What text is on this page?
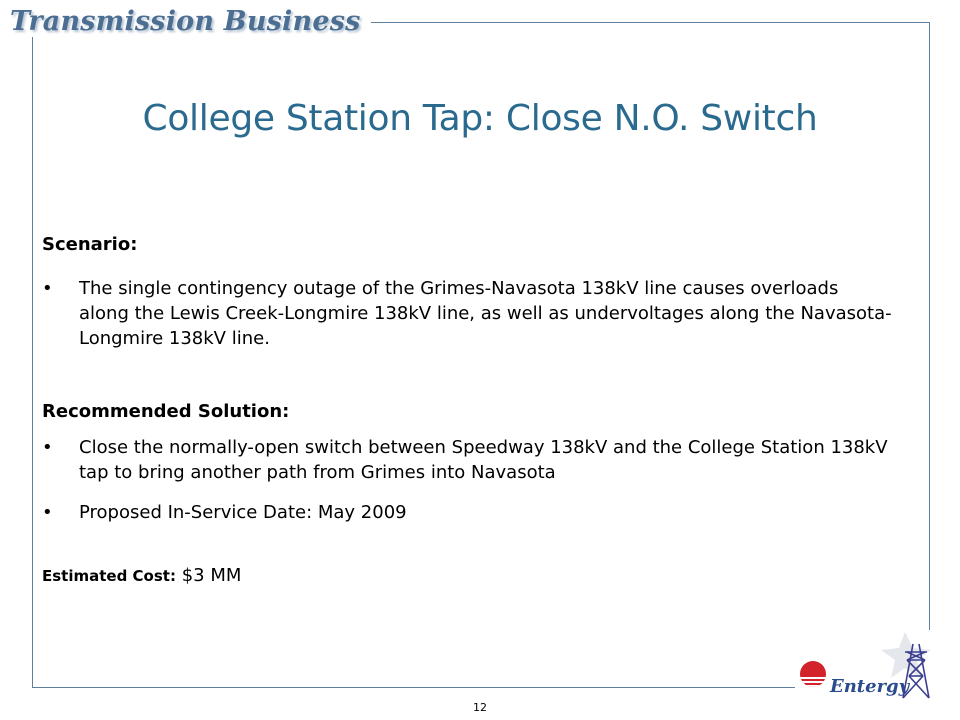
Transmission Business
College Station Tap: Close N.O. Switch
Scenario:
•	The single contingency outage of the Grimes-Navasota 138kV line causes overloads along the Lewis Creek-Longmire 138kV line, as well as undervoltages along the Navasota-Longmire 138kV line.
Recommended Solution:
•	Close the normally-open switch between Speedway 138kV and the College Station 138kV tap to bring another path from Grimes into Navasota
•	Proposed In-Service Date: May 2009
Estimated Cost: $3 MM
12
Entergy
